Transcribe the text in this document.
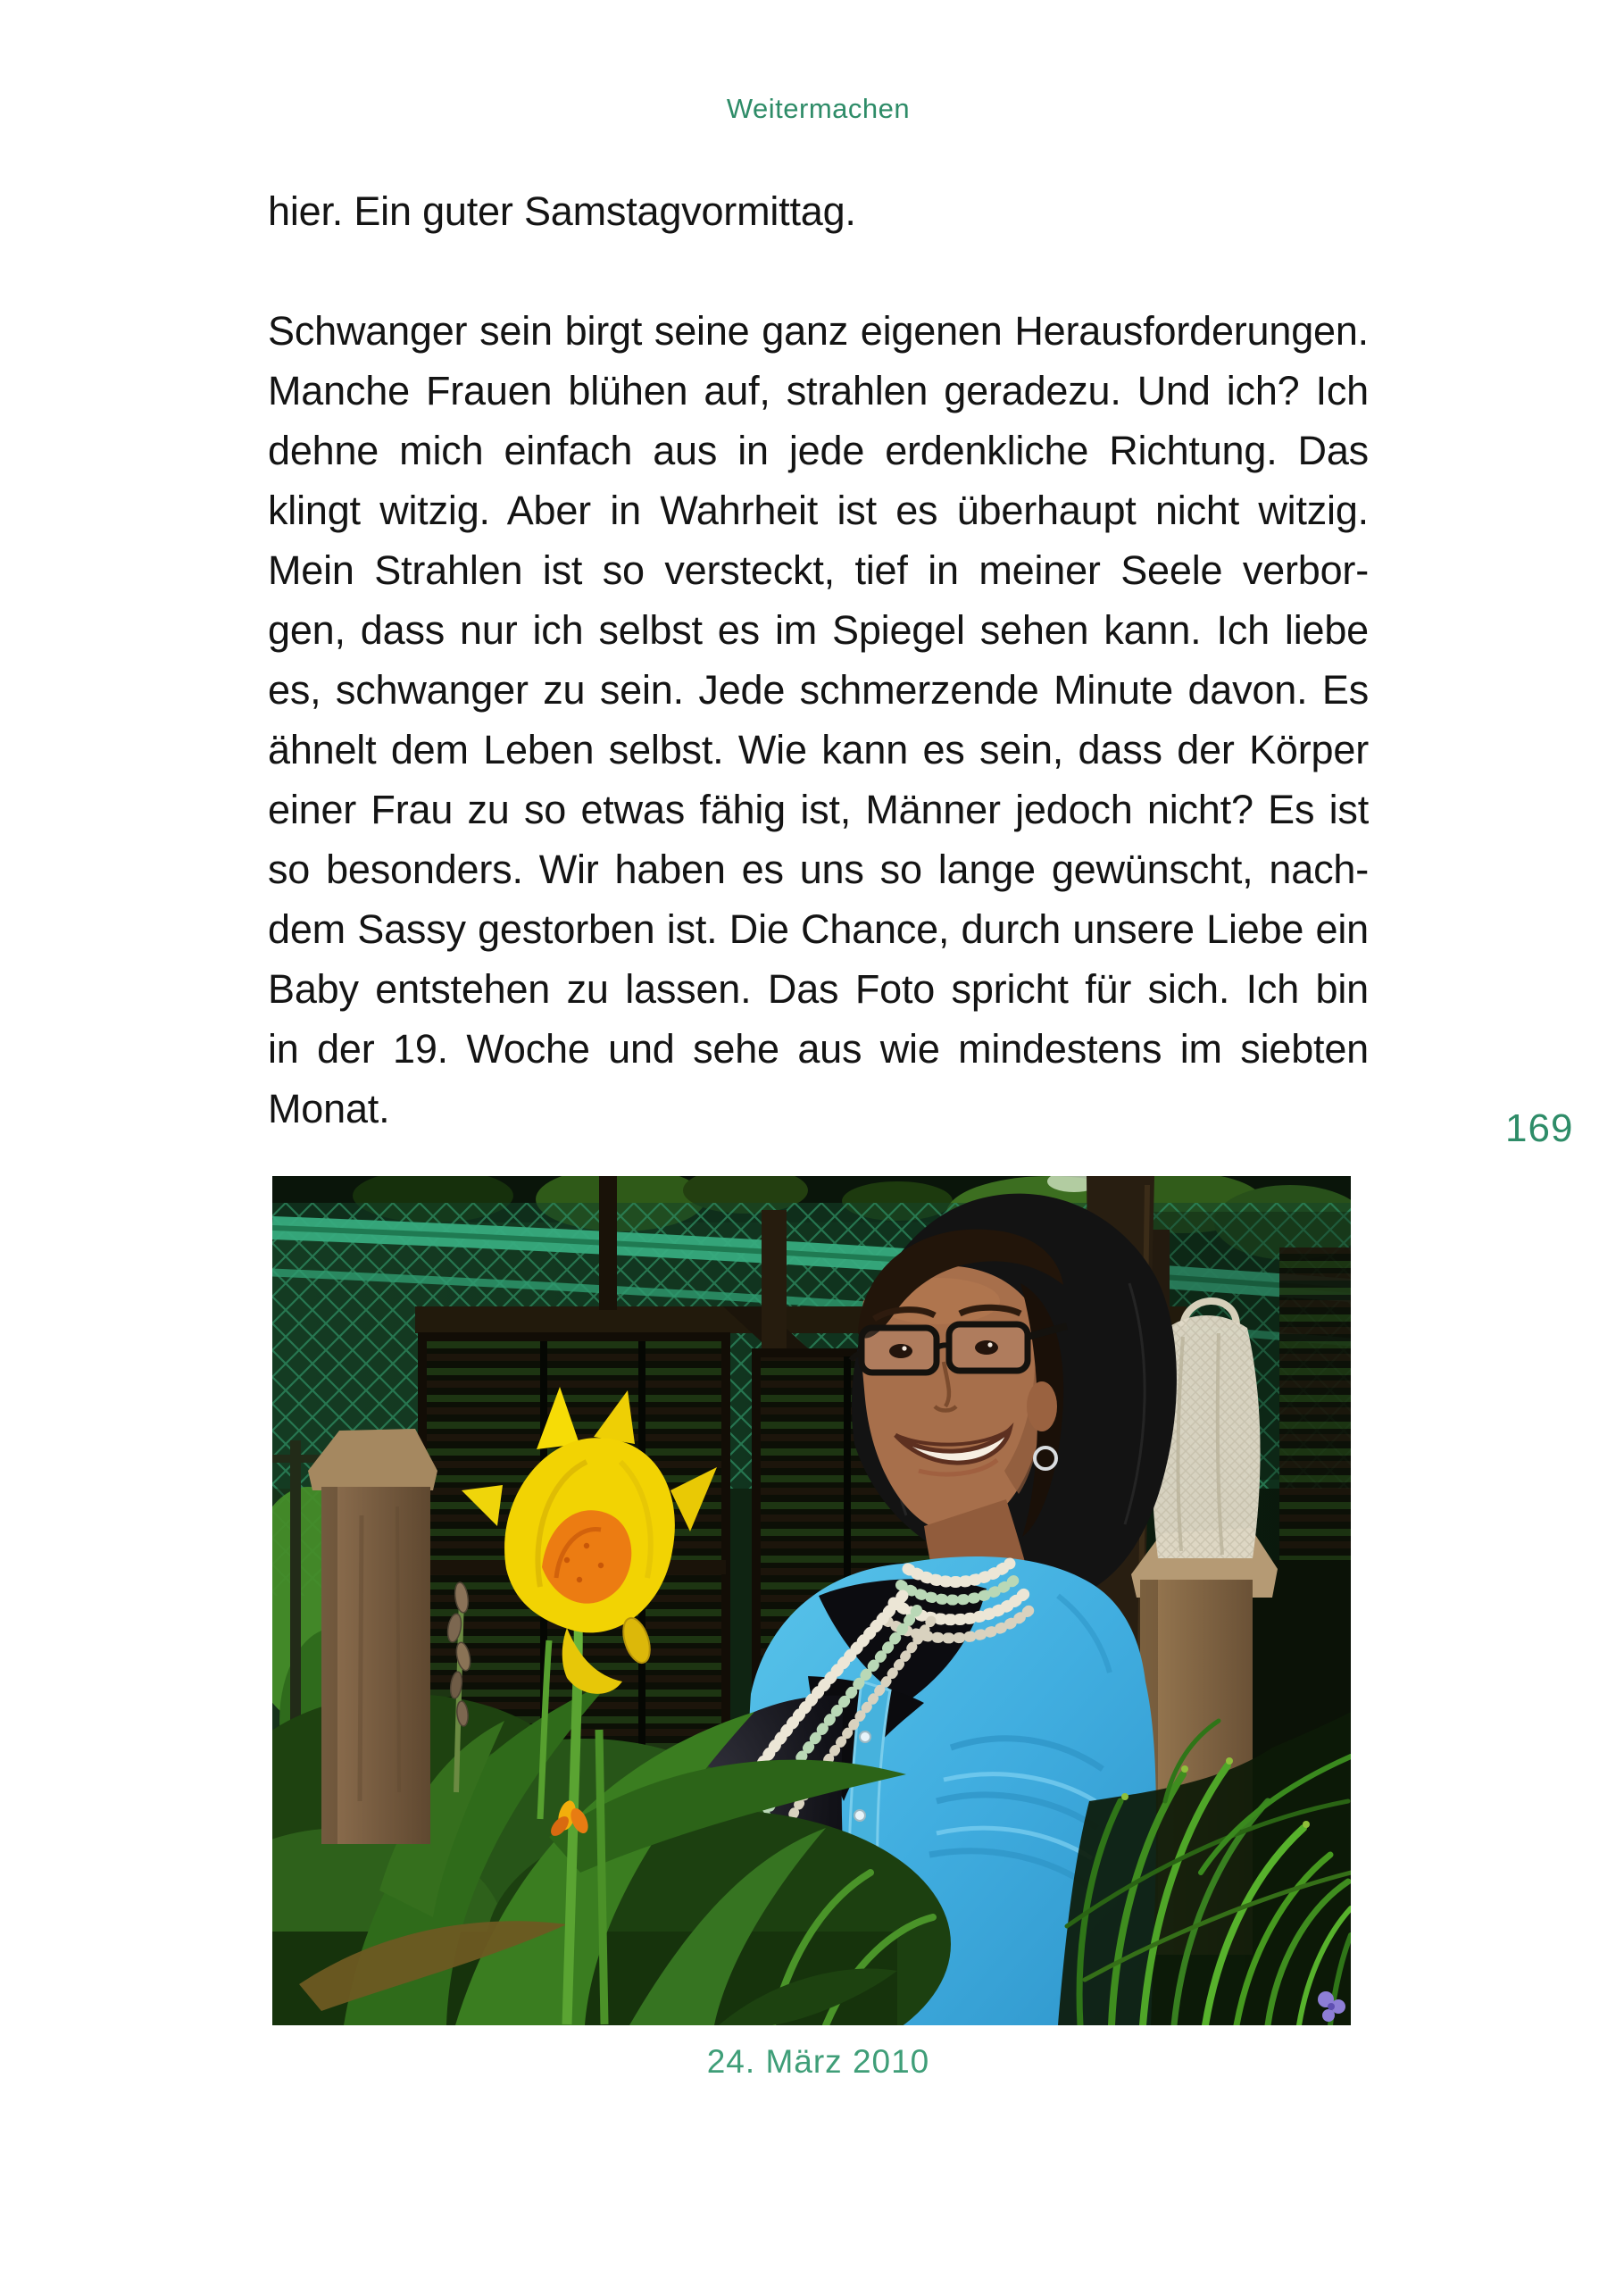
Weitermachen
hier. Ein guter Samstagvormittag.
Schwanger sein birgt seine ganz eigenen Herausforderungen.
Manche Frauen blühen auf, strahlen geradezu. Und ich? Ich
dehne mich einfach aus in jede erdenkliche Richtung. Das
klingt witzig. Aber in Wahrheit ist es überhaupt nicht witzig.
Mein Strahlen ist so versteckt, tief in meiner Seele verbor-
gen, dass nur ich selbst es im Spiegel sehen kann. Ich liebe
es, schwanger zu sein. Jede schmerzende Minute davon. Es
ähnelt dem Leben selbst. Wie kann es sein, dass der Körper
einer Frau zu so etwas fähig ist, Männer jedoch nicht? Es ist
so besonders. Wir haben es uns so lange gewünscht, nach-
dem Sassy gestorben ist. Die Chance, durch unsere Liebe ein
Baby entstehen zu lassen. Das Foto spricht für sich. Ich bin
in der 19. Woche und sehe aus wie mindestens im siebten
Monat.	169
24. März 2010
